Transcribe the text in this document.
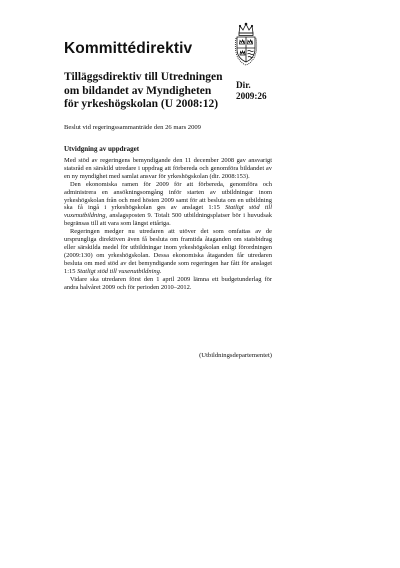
Kommittédirektiv
Tilläggsdirektiv till Utredningen om bildandet av Myndigheten för yrkeshögskolan (U 2008:12)
Dir.
2009:26

Beslut vid regeringssammanträde den 26 mars 2009

Utvidgning av uppdraget

Med stöd av regeringens bemyndigande den 11 december 2008 gav ansvarigt statsråd en särskild utredare i uppdrag att förbereda och genomföra bildandet av en ny myndighet med samlat ansvar för yrkeshögskolan (dir. 2008:153).

Den ekonomiska ramen för 2009 för att förbereda, genomföra och administrera en ansökningsomgång inför starten av utbildningar inom yrkeshögskolan från och med hösten 2009 samt för att besluta om en utbildning ska få ingå i yrkeshögskolan ges av anslaget 1:15 Statligt stöd till vuxenutbildning, anslagsposten 9. Totalt 500 utbildningsplatser bör i huvudsak begränsas till att vara som längst ettåriga.

Regeringen medger nu utredaren att utöver det som omfattas av de ursprungliga direktiven även få besluta om framtida åtaganden om statsbidrag eller särskilda medel för utbildningar inom yrkeshögskolan enligt förordningen (2009:130) om yrkeshögskolan. Dessa ekonomiska åtaganden får utredaren besluta om med stöd av det bemyndigande som regeringen har fått för anslaget 1:15 Statligt stöd till vuxenutbildning.

Vidare ska utredaren först den 1 april 2009 lämna ett budgetunderlag för andra halvåret 2009 och för perioden 2010–2012.

(Utbildningsdepartementet)
